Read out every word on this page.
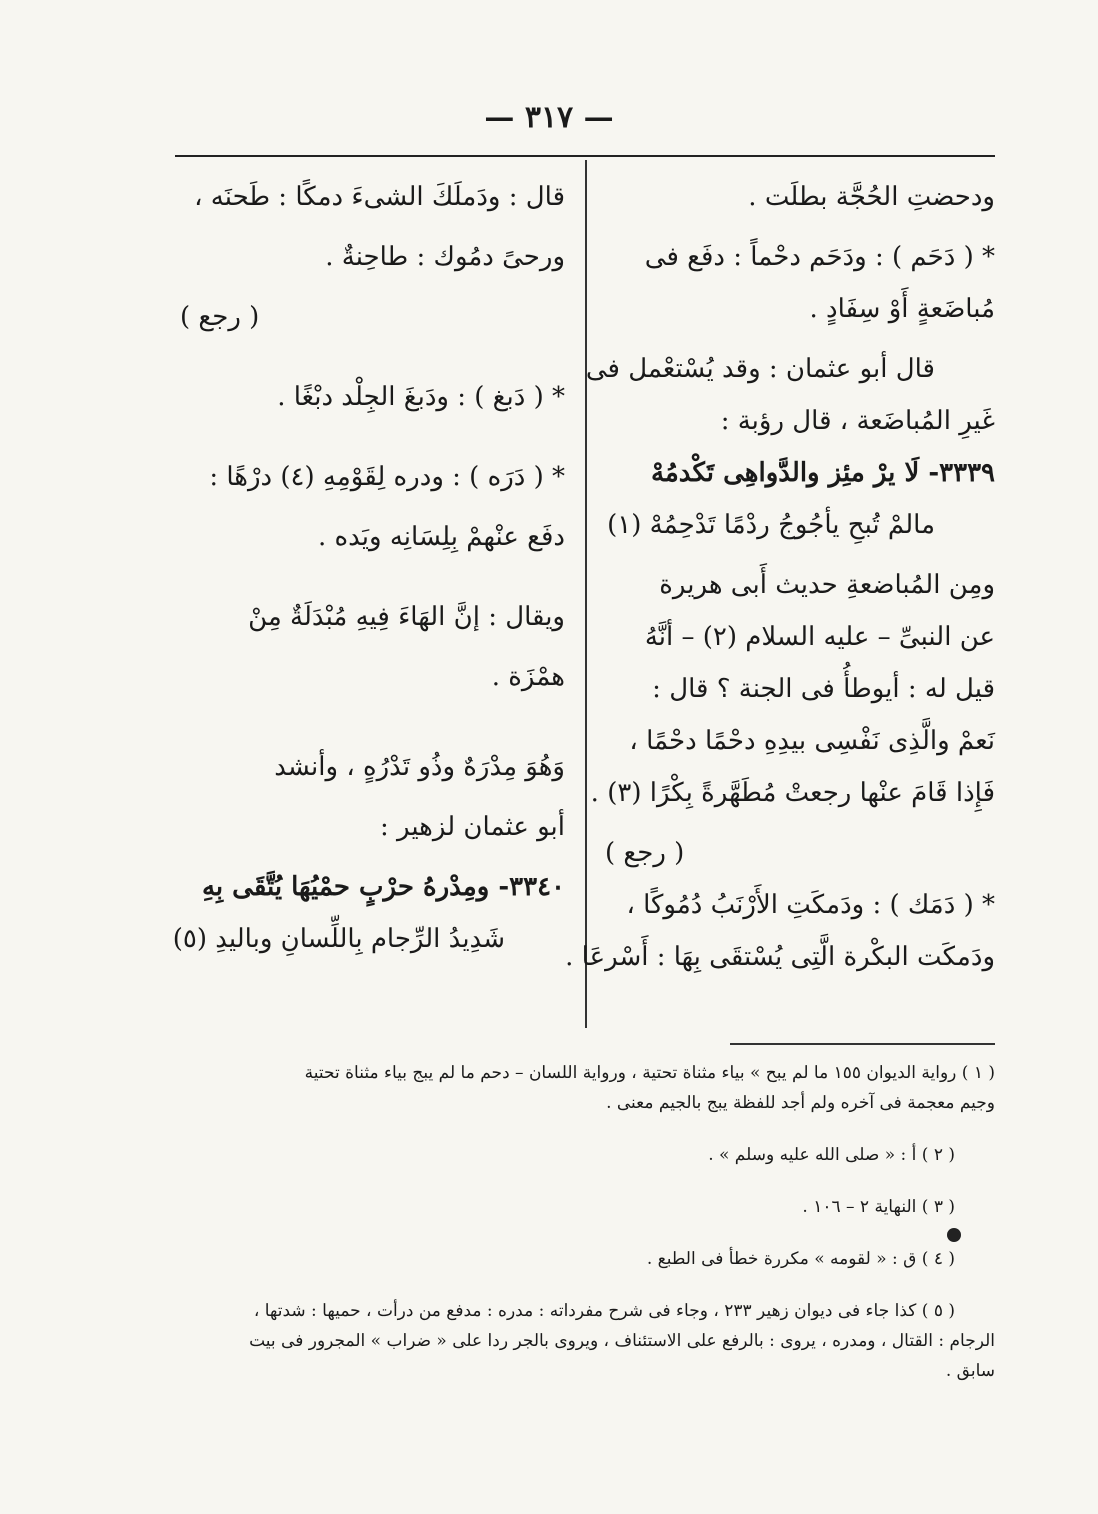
— ٣١٧ —
ودحضتِ الحُجَّة بطلَت .
* ( دَحَم ) : ودَحَم دحْماً : دفَع فى
مُباضَعةٍ أَوْ سِفَادٍ .
قال أبو عثمان : وقد يُسْتعْمل فى
غَيرِ المُباضَعة ، قال رؤبة :
٣٣٣٩- لَا يرْ مئِز والدَّواهِى تَكْدمُهْ
مالمْ تُبحِ يأجُوجُ ردْمًا تَدْحِمُهْ (١)
ومِن المُباضعةِ حديث أَبى هريرة
عن النبىِّ – عليه السلام (٢) – أنَّهُ
قيل له : أيوطأُ فى الجنة ؟ قال :
نَعمْ والَّذِى نَفْسِى بيدِهِ دحْمًا دحْمًا ،
فَإِذا قَامَ عنْها رجعتْ مُطَهَّرةً بِكْرًا (٣) .
( رجع )
* ( دَمَك ) : ودَمكَتِ الأَرْنَبُ دُمُوكًا ،
ودَمكَت البكْرة الَّتِى يُسْتقَى بِهَا : أَسْرعَا .
قال : ودَملَكَ الشىءَ دمكًا : طَحنَه ،
ورحىً دمُوك : طاحِنةٌ .
( رجع )
* ( دَبغ ) : ودَبغَ الجِلْد دبْغًا .
* ( دَرَه ) : ودره لِقَوْمِهِ (٤) درْهًا :
دفَع عنْهمْ بِلِسَانِه ويَده .
ويقال : إنَّ الهَاءَ فِيهِ مُبْدَلَةٌ مِنْ
همْزَة .
وَهُوَ مِدْرَهٌ وذُو تَدْرُهٍ ، وأنشد
أبو عثمان لزهير :
٣٣٤٠- ومِدْرهُ حرْبٍ حمْيُهَا يُتَّقَى بِهِ
شَدِيدُ الرِّجام بِاللِّسانِ وباليدِ (٥)
( ١ ) رواية الديوان ١٥٥ ما لم يبح » بياء مثناة تحتية ، ورواية اللسان – دحم ما لم يبج بياء مثناة تحتية
وجيم معجمة فى آخره ولم أجد للفظة يبج بالجيم معنى .
( ٢ ) أ : « صلى الله عليه وسلم » .
( ٣ ) النهاية ٢ – ١٠٦ .
( ٤ ) ق : « لقومه » مكررة خطأ فى الطبع .
( ٥ ) كذا جاء فى ديوان زهير ٢٣٣ ، وجاء فى شرح مفرداته : مدره : مدفع من درأت ، حميها : شدتها ،
الرجام : القتال ، ومدره ، يروى : بالرفع على الاستئناف ، ويروى بالجر ردا على « ضراب » المجرور فى بيت
سابق .
